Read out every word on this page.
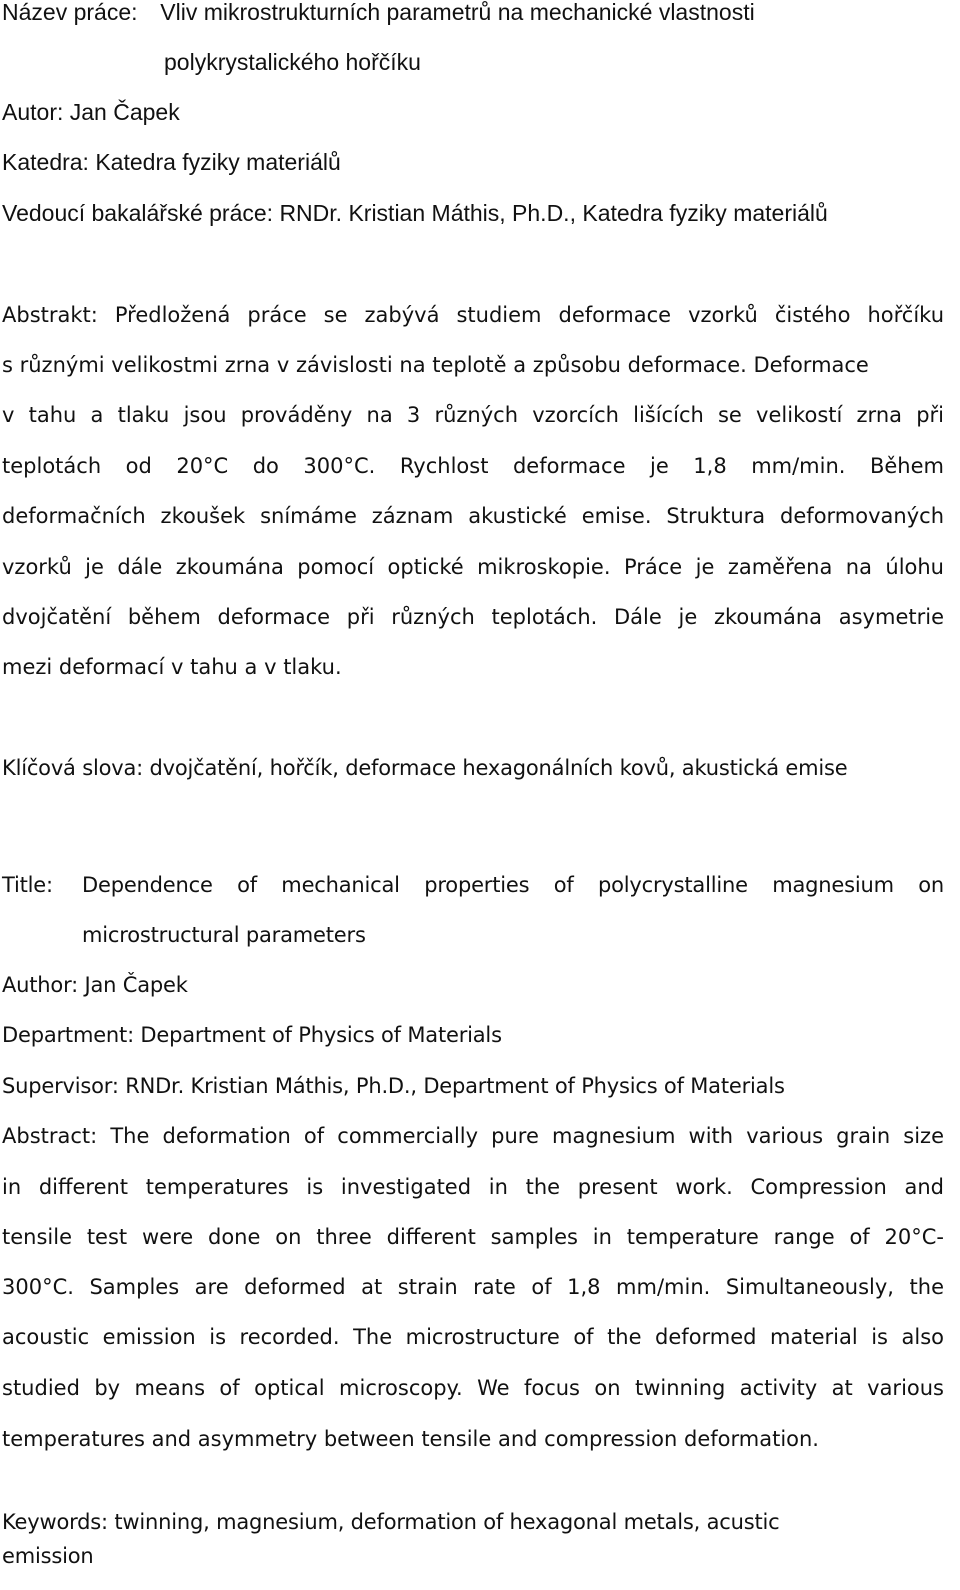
Název práce: Vliv mikrostrukturních parametrů na mechanické vlastnosti
polykrystalického hořčíku
Autor: Jan Čapek
Katedra: Katedra fyziky materiálů
Vedoucí bakalářské práce: RNDr. Kristian Máthis, Ph.D., Katedra fyziky materiálů
Abstrakt: Předložená práce se zabývá studiem deformace vzorků čistého hořčíku
s různými velikostmi zrna v závislosti na teplotě a způsobu deformace. Deformace
v tahu a tlaku jsou prováděny na 3 různých vzorcích lišících se velikostí zrna při
teplotách od 20°C do 300°C. Rychlost deformace je 1,8 mm/min. Během
deformačních zkoušek snímáme záznam akustické emise. Struktura deformovaných
vzorků je dále zkoumána pomocí optické mikroskopie. Práce je zaměřena na úlohu
dvojčatění během deformace při různých teplotách. Dále je zkoumána asymetrie
mezi deformací v tahu a v tlaku.
Klíčová slova: dvojčatění, hořčík, deformace hexagonálních kovů, akustická emise
Title: Dependence of mechanical properties of polycrystalline magnesium on
microstructural parameters
Author: Jan Čapek
Department: Department of Physics of Materials
Supervisor: RNDr. Kristian Máthis, Ph.D., Department of Physics of Materials
Abstract: The deformation of commercially pure magnesium with various grain size
in different temperatures is investigated in the present work. Compression and
tensile test were done on three different samples in temperature range of 20°C-
300°C. Samples are deformed at strain rate of 1,8 mm/min. Simultaneously, the
acoustic emission is recorded. The microstructure of the deformed material is also
studied by means of optical microscopy. We focus on twinning activity at various
temperatures and asymmetry between tensile and compression deformation.
Keywords: twinning, magnesium, deformation of hexagonal metals, acustic
emission
